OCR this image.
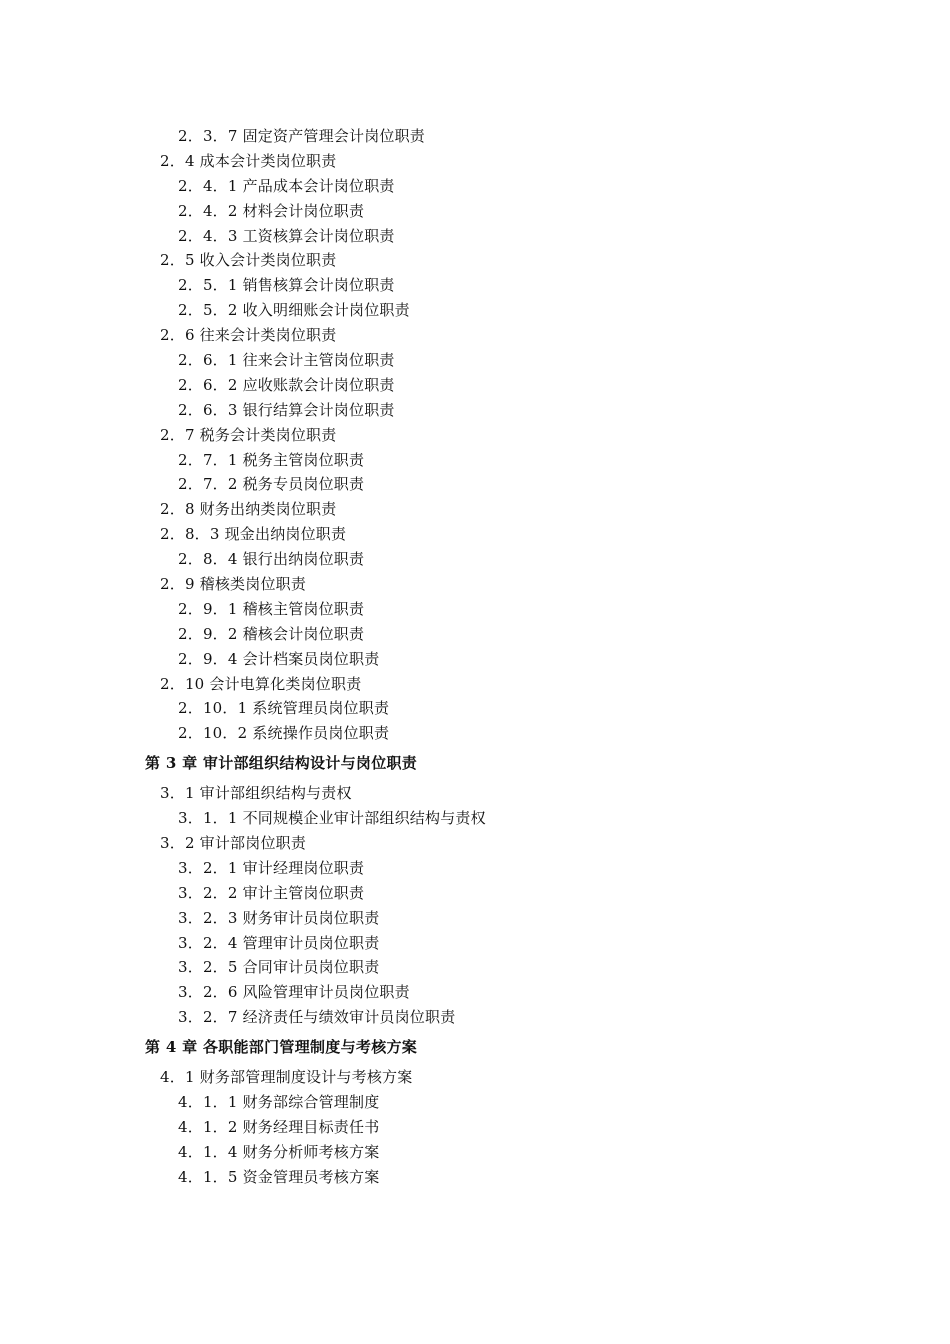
2．3．7 固定资产管理会计岗位职责
2．4 成本会计类岗位职责
2．4．1 产品成本会计岗位职责
2．4．2 材料会计岗位职责
2．4．3 工资核算会计岗位职责
2．5 收入会计类岗位职责
2．5．1 销售核算会计岗位职责
2．5．2 收入明细账会计岗位职责
2．6 往来会计类岗位职责
2．6．1 往来会计主管岗位职责
2．6．2 应收账款会计岗位职责
2．6．3 银行结算会计岗位职责
2．7 税务会计类岗位职责
2．7．1 税务主管岗位职责
2．7．2 税务专员岗位职责
2．8 财务出纳类岗位职责
2．8．3 现金出纳岗位职责
2．8．4 银行出纳岗位职责
2．9 稽核类岗位职责
2．9．1 稽核主管岗位职责
2．9．2 稽核会计岗位职责
2．9．4 会计档案员岗位职责
2．10 会计电算化类岗位职责
2．10．1 系统管理员岗位职责
2．10．2 系统操作员岗位职责
第 3 章 审计部组织结构设计与岗位职责
3．1 审计部组织结构与责权
3．1．1 不同规模企业审计部组织结构与责权
3．2 审计部岗位职责
3．2．1 审计经理岗位职责
3．2．2 审计主管岗位职责
3．2．3 财务审计员岗位职责
3．2．4 管理审计员岗位职责
3．2．5 合同审计员岗位职责
3．2．6 风险管理审计员岗位职责
3．2．7 经济责任与绩效审计员岗位职责
第 4 章 各职能部门管理制度与考核方案
4．1 财务部管理制度设计与考核方案
4．1．1 财务部综合管理制度
4．1．2 财务经理目标责任书
4．1．4 财务分析师考核方案
4．1．5 资金管理员考核方案
